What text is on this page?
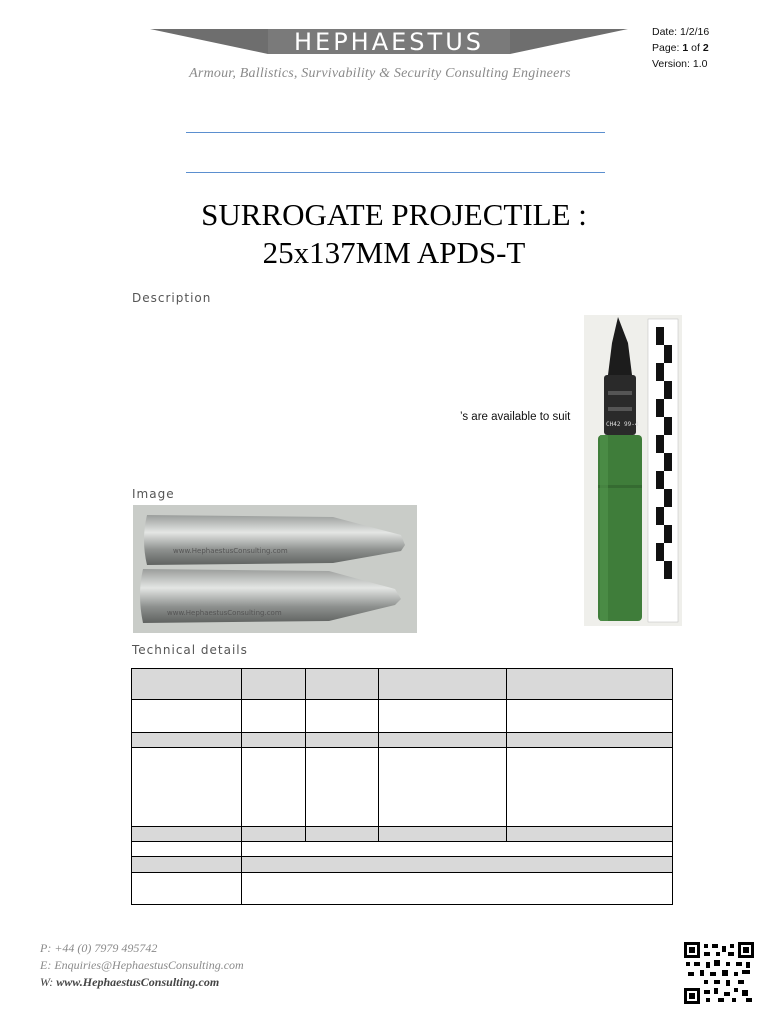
HEPHAESTUS
Armour, Ballistics, Survivability & Security Consulting Engineers
Date: 1/2/16
Page: 1 of 2
Version: 1.0
SURROGATE PROJECTILE :
25x137MM APDS-T
Description
’s are available to suit
CH42 99-4
Image
www.HephaestusConsulting.com
www.HephaestusConsulting.com
Technical details

P: +44 (0) 7979 495742
E: Enquiries@HephaestusConsulting.com
W: www.HephaestusConsulting.com
